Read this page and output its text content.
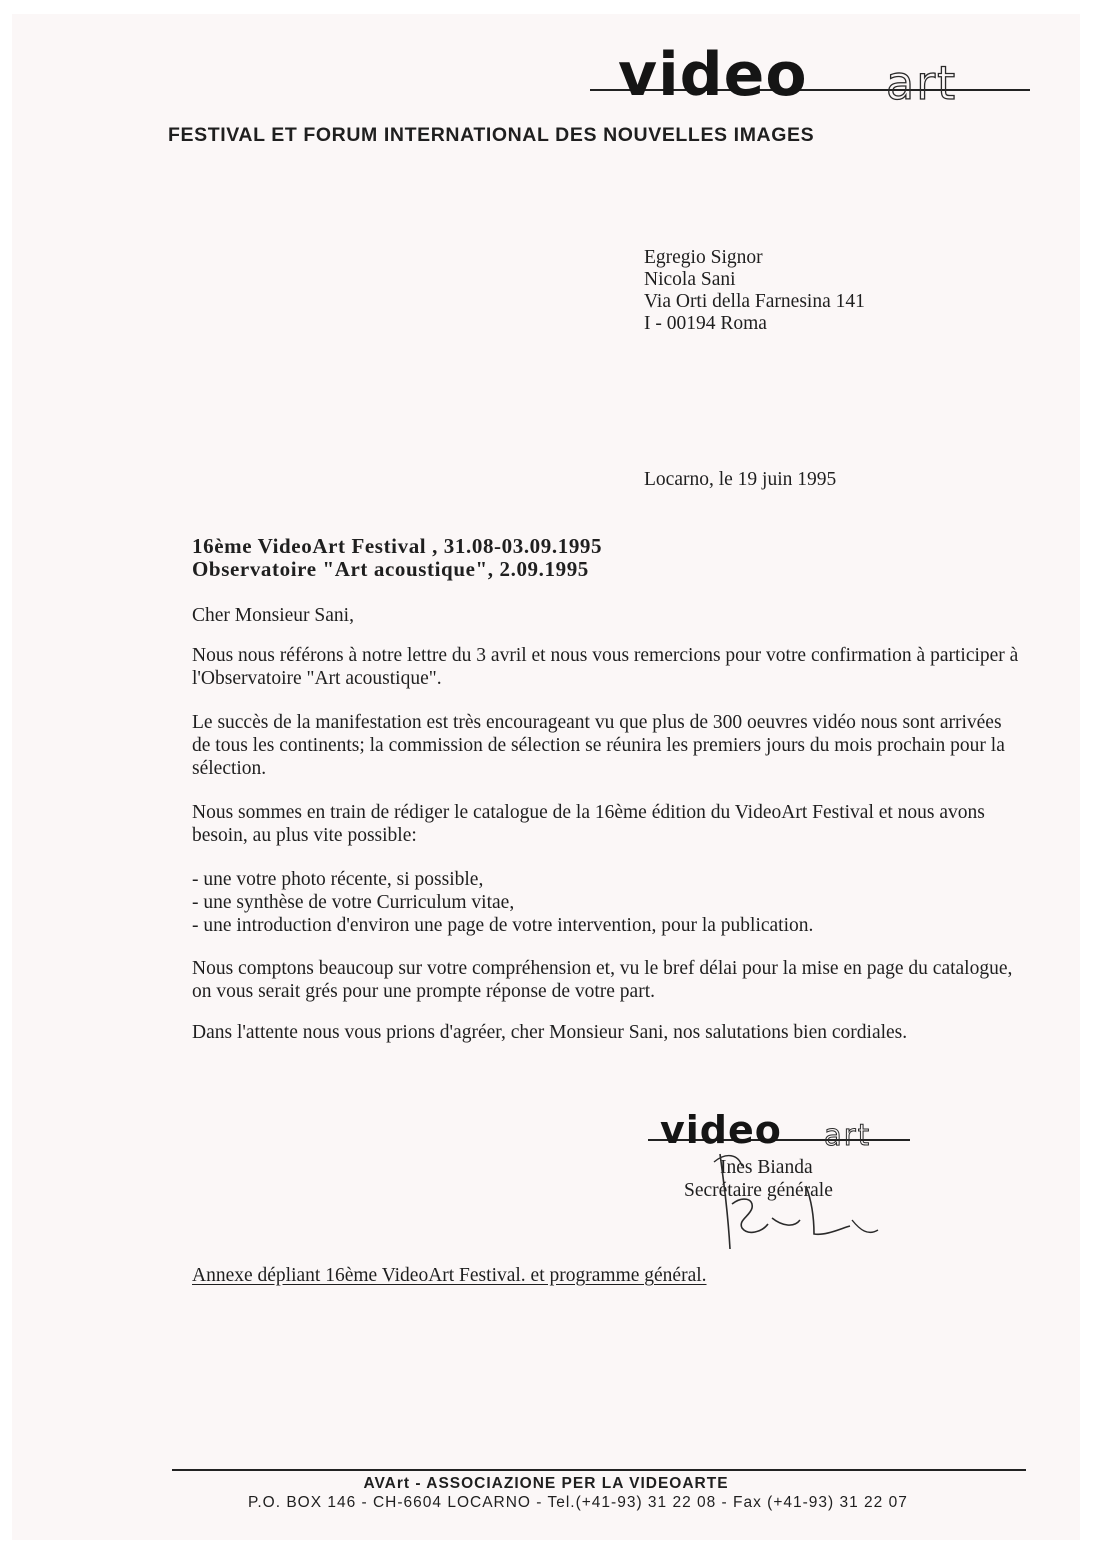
video art
FESTIVAL ET FORUM INTERNATIONAL DES NOUVELLES IMAGES
Egregio Signor
Nicola Sani
Via Orti della Farnesina 141
I - 00194 Roma
Locarno, le 19 juin 1995
16ème VideoArt Festival , 31.08-03.09.1995
Observatoire "Art acoustique", 2.09.1995
Cher Monsieur Sani,

Nous nous référons à notre lettre du 3 avril et nous vous remercions pour votre confirmation à participer à l'Observatoire "Art acoustique".

Le succès de la manifestation est très encourageant vu que plus de 300 oeuvres vidéo nous sont arrivées de tous les continents; la commission de sélection se réunira les premiers jours du mois prochain pour la sélection.

Nous sommes en train de rédiger le catalogue de la 16ème édition du VideoArt Festival et nous avons besoin, au plus vite possible:

- une votre photo récente, si possible,
- une synthèse de votre Curriculum vitae,
- une introduction d'environ une page de votre intervention, pour la publication.

Nous comptons beaucoup sur votre compréhension et, vu le bref délai pour la mise en page du catalogue, on vous serait grés pour une prompte réponse de votre part.

Dans l'attente nous vous prions d'agréer, cher Monsieur Sani, nos salutations bien cordiales.

video art
Ines Bianda
Secrétaire générale
Annexe dépliant 16ème VideoArt Festival. et programme général.
AVArt - ASSOCIAZIONE PER LA VIDEOARTE
P.O. BOX 146 - CH-6604 LOCARNO - Tel.(+41-93) 31 22 08 - Fax (+41-93) 31 22 07
